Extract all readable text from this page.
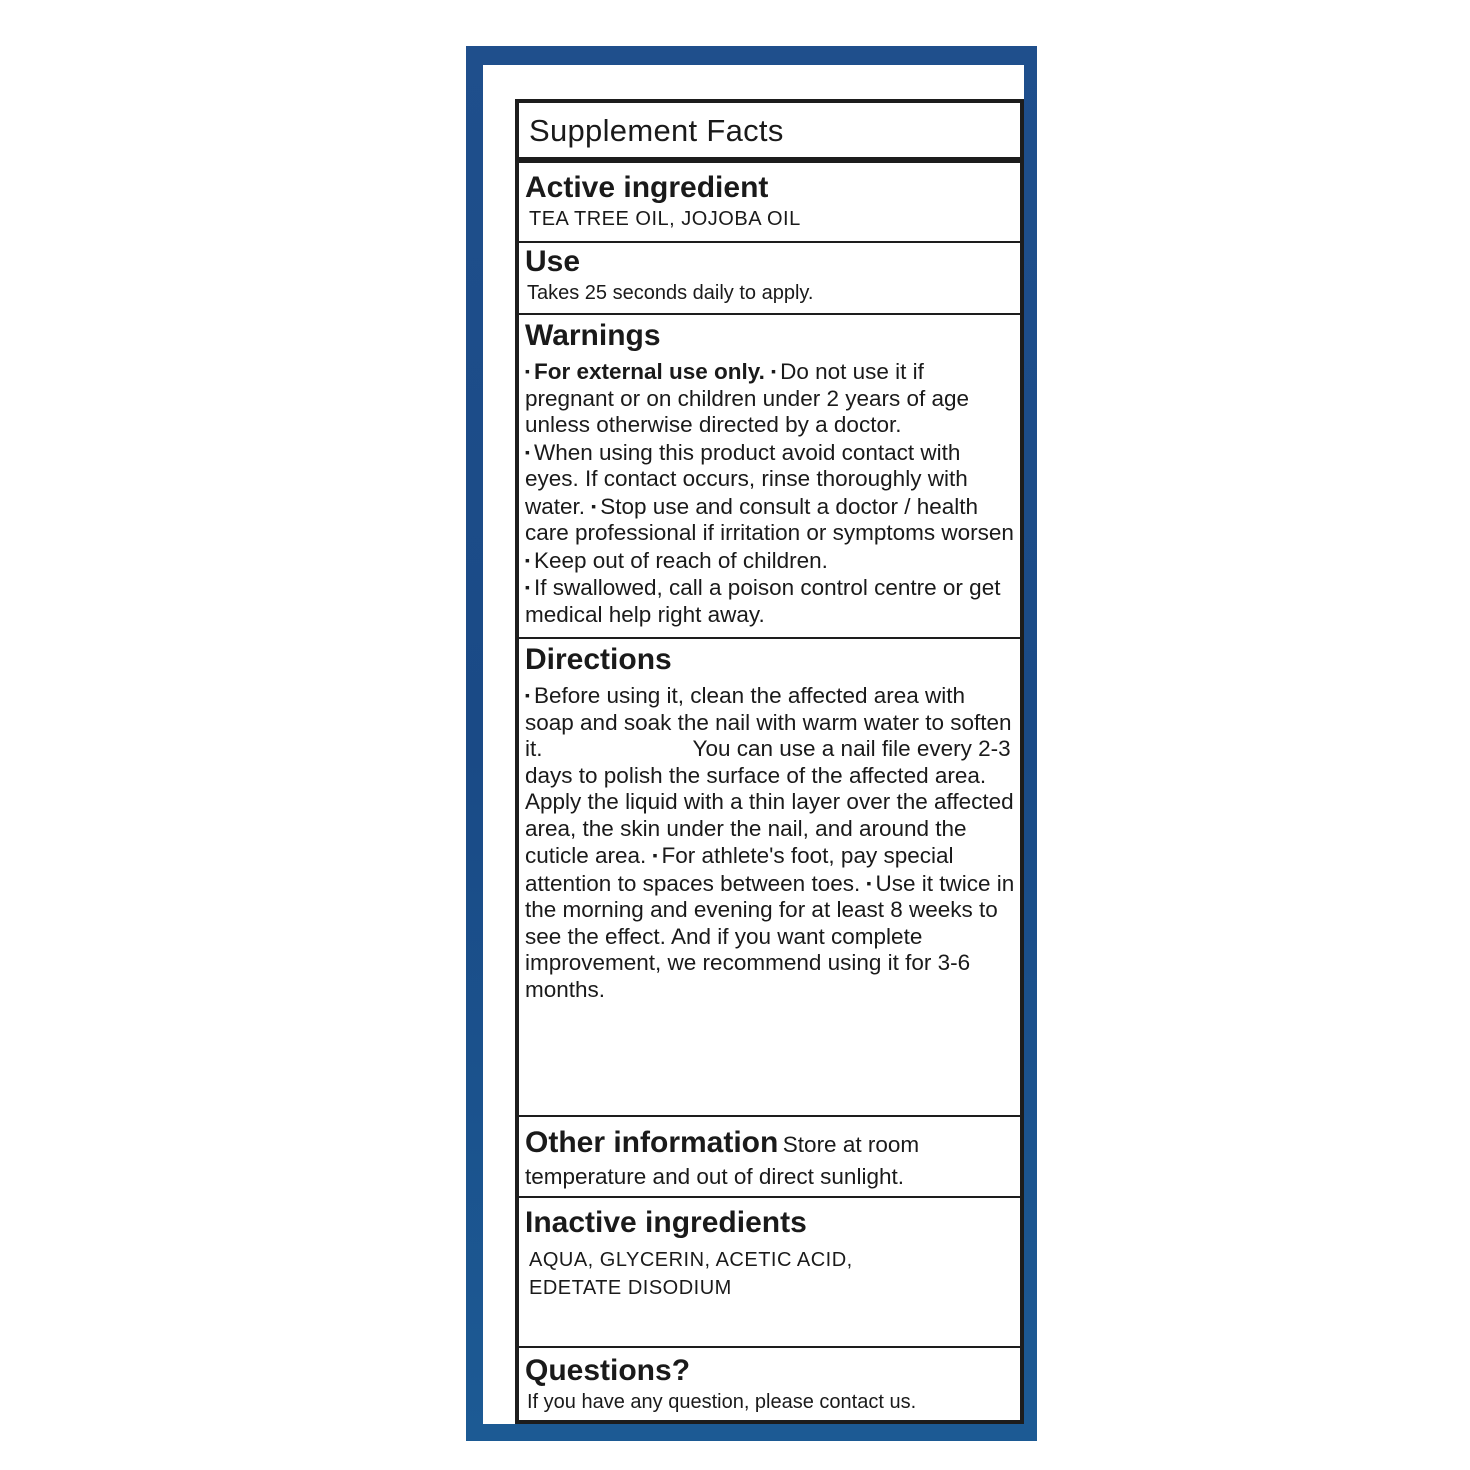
Supplement Facts
Active ingredient
TEA TREE OIL, JOJOBA OIL
Use
Takes 25 seconds daily to apply.
Warnings

▪ For external use only. ▪ Do not use it if pregnant or on children under 2 years of age unless otherwise directed by a doctor.
▪ When using this product avoid contact with eyes. If contact occurs, rinse thoroughly with water. ▪ Stop use and consult a doctor / health care professional if irritation or symptoms worsen ▪ Keep out of reach of children.
▪ If swallowed, call a poison control centre or get medical help right away.

Directions

▪ Before using it, clean the affected area with soap and soak the nail with warm water to soften it.	You can use a nail file every 2-3 days to polish the surface of the affected area. Apply the liquid with a thin layer over the affected area, the skin under the nail, and around the cuticle area. ▪ For athlete's foot, pay special attention to spaces between toes. ▪ Use it twice in the morning and evening for at least 8 weeks to see the effect. And if you want complete improvement, we recommend using it for 3-6 months.

Other information Store at room temperature and out of direct sunlight.
Inactive ingredients
AQUA, GLYCERIN, ACETIC ACID,
EDETATE DISODIUM
Questions?
If you have any question, please contact us.
